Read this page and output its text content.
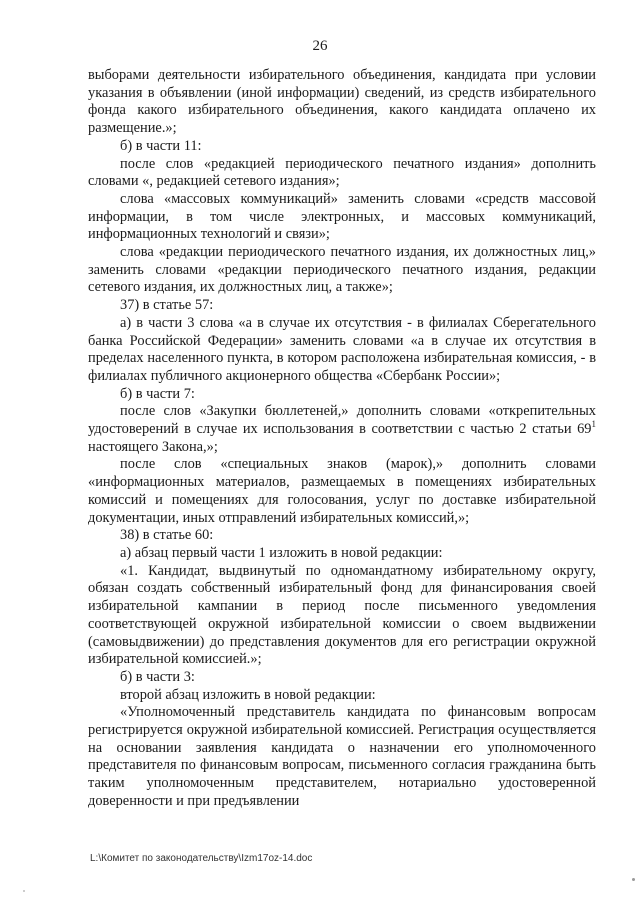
26

выборами деятельности избирательного объединения, кандидата при условии указания в объявлении (иной информации) сведений, из средств избирательного фонда какого избирательного объединения, какого кандидата оплачено их размещение.»;

б) в части 11:

после слов «редакцией периодического печатного издания» дополнить словами «, редакцией сетевого издания»;

слова «массовых коммуникаций» заменить словами «средств массовой информации, в том числе электронных, и массовых коммуникаций, информационных технологий и связи»;

слова «редакции периодического печатного издания, их должностных лиц,» заменить словами «редакции периодического печатного издания, редакции сетевого издания, их должностных лиц, а также»;

37) в статье 57:

а) в части 3 слова «а в случае их отсутствия - в филиалах Сберегательного банка Российской Федерации» заменить словами «а в случае их отсутствия в пределах населенного пункта, в котором расположена избирательная комиссия, - в филиалах публичного акционерного общества «Сбербанк России»;

б) в части 7:

после слов «Закупки бюллетеней,» дополнить словами «открепительных удостоверений в случае их использования в соответствии с частью 2 статьи $69^1$ настоящего Закона,»;

после слов «специальных знаков (марок),» дополнить словами «информационных материалов, размещаемых в помещениях избирательных комиссий и помещениях для голосования, услуг по доставке избирательной документации, иных отправлений избирательных комиссий,»;

38) в статье 60:

а) абзац первый части 1 изложить в новой редакции:

«1. Кандидат, выдвинутый по одномандатному избирательному округу, обязан создать собственный избирательный фонд для финансирования своей избирательной кампании в период после письменного уведомления соответствующей окружной избирательной комиссии о своем выдвижении (самовыдвижении) до представления документов для его регистрации окружной избирательной комиссией.»;

б) в части 3:

второй абзац изложить в новой редакции:

«Уполномоченный представитель кандидата по финансовым вопросам регистрируется окружной избирательной комиссией. Регистрация осуществляется на основании заявления кандидата о назначении его уполномоченного представителя по финансовым вопросам, письменного согласия гражданина быть таким уполномоченным представителем, нотариально удостоверенной доверенности и при предъявлении

L:\Комитет по законодательству\Izm17oz-14.doc
